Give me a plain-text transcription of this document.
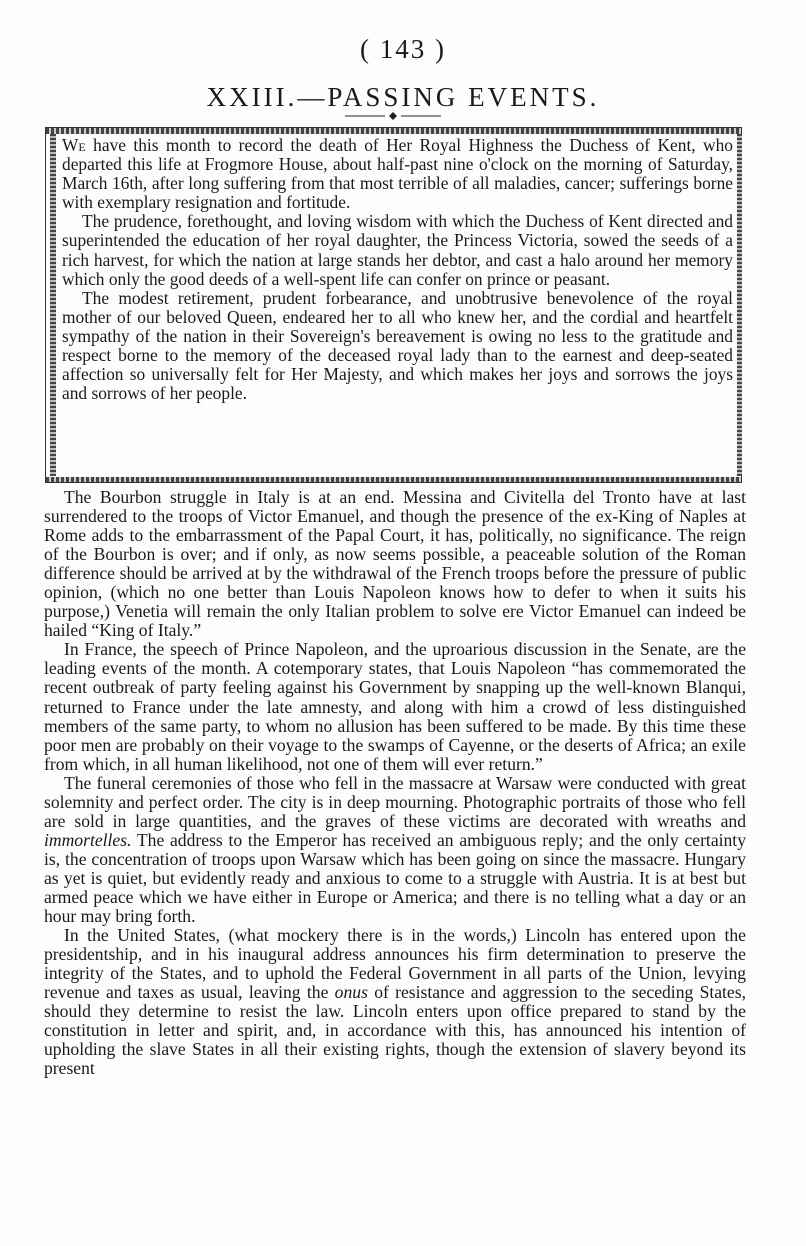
( 143 )
XXIII.—PASSING EVENTS.

We have this month to record the death of Her Royal Highness the Duchess of Kent, who departed this life at Frogmore House, about half-past nine o'clock on the morning of Saturday, March 16th, after long suffering from that most terrible of all maladies, cancer; sufferings borne with exemplary resignation and fortitude.

The prudence, forethought, and loving wisdom with which the Duchess of Kent directed and superintended the education of her royal daughter, the Princess Victoria, sowed the seeds of a rich harvest, for which the nation at large stands her debtor, and cast a halo around her memory which only the good deeds of a well-spent life can confer on prince or peasant.

The modest retirement, prudent forbearance, and unobtrusive benevolence of the royal mother of our beloved Queen, endeared her to all who knew her, and the cordial and heartfelt sympathy of the nation in their Sovereign's bereavement is owing no less to the gratitude and respect borne to the memory of the deceased royal lady than to the earnest and deep-seated affection so universally felt for Her Majesty, and which makes her joys and sorrows the joys and sorrows of her people.

The Bourbon struggle in Italy is at an end. Messina and Civitella del Tronto have at last surrendered to the troops of Victor Emanuel, and though the presence of the ex-King of Naples at Rome adds to the embarrassment of the Papal Court, it has, politically, no significance. The reign of the Bourbon is over; and if only, as now seems possible, a peaceable solution of the Roman difference should be arrived at by the withdrawal of the French troops before the pressure of public opinion, (which no one better than Louis Napoleon knows how to defer to when it suits his purpose,) Venetia will remain the only Italian problem to solve ere Victor Emanuel can indeed be hailed “King of Italy.”

In France, the speech of Prince Napoleon, and the uproarious discussion in the Senate, are the leading events of the month. A cotemporary states, that Louis Napoleon “has commemorated the recent outbreak of party feeling against his Government by snapping up the well-known Blanqui, returned to France under the late amnesty, and along with him a crowd of less distinguished members of the same party, to whom no allusion has been suffered to be made. By this time these poor men are probably on their voyage to the swamps of Cayenne, or the deserts of Africa; an exile from which, in all human likelihood, not one of them will ever return.”

The funeral ceremonies of those who fell in the massacre at Warsaw were conducted with great solemnity and perfect order. The city is in deep mourning. Photographic portraits of those who fell are sold in large quantities, and the graves of these victims are decorated with wreaths and immortelles. The address to the Emperor has received an ambiguous reply; and the only certainty is, the concentration of troops upon Warsaw which has been going on since the massacre. Hungary as yet is quiet, but evidently ready and anxious to come to a struggle with Austria. It is at best but armed peace which we have either in Europe or America; and there is no telling what a day or an hour may bring forth.

In the United States, (what mockery there is in the words,) Lincoln has entered upon the presidentship, and in his inaugural address announces his firm determination to preserve the integrity of the States, and to uphold the Federal Government in all parts of the Union, levying revenue and taxes as usual, leaving the onus of resistance and aggression to the seceding States, should they determine to resist the law. Lincoln enters upon office prepared to stand by the constitution in letter and spirit, and, in accordance with this, has announced his intention of upholding the slave States in all their existing rights, though the extension of slavery beyond its present
